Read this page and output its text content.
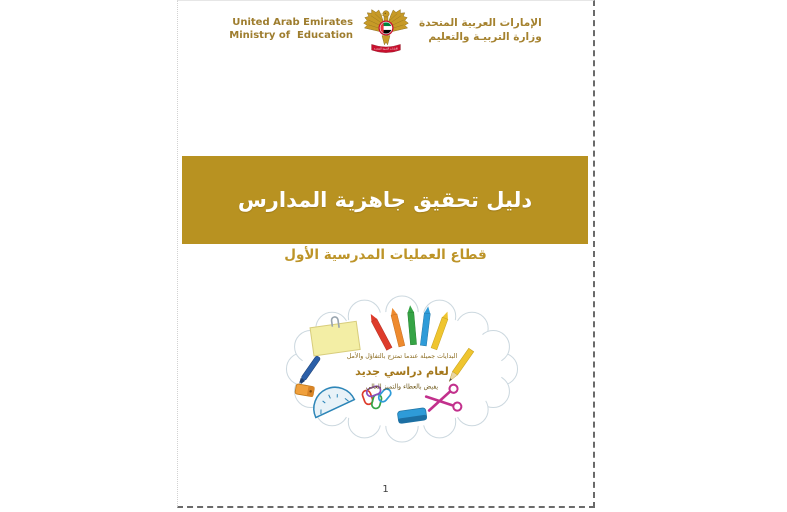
United Arab Emirates
Ministry of  Education
الإمارات العربية المتحدة
الإمارات العربية المتحدة
وزارة التربيـة والتعليم
دليل تحقيق جاهزية المدارس
قطاع العمليات المدرسية الأول
البدايات جميلة عندما تمتزج بالتفاؤل والأمل
لعام دراسي جديد
يفيض بالعطاء والتميز العالي
1
